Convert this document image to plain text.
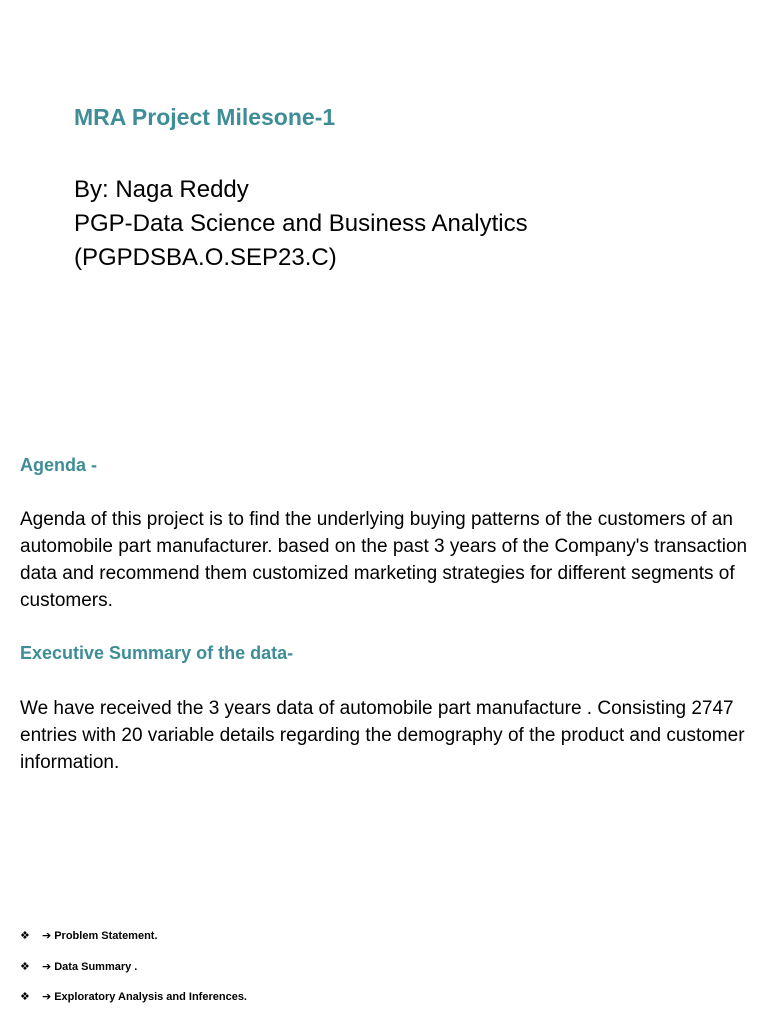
MRA Project Milesone-1
By: Naga Reddy
PGP-Data Science and Business Analytics
(PGPDSBA.O.SEP23.C)
Agenda -

Agenda of this project is to find the underlying buying patterns of the customers of an automobile part manufacturer. based on the past 3 years of the Company's transaction data and recommend them customized marketing strategies for different segments of customers.

Executive Summary of the data-

We have received the 3 years data of automobile part manufacture . Consisting 2747 entries with 20 variable details regarding the demography of the product and customer information.

❖ ➔ Problem Statement.
❖ ➔ Data Summary .
❖ ➔ Exploratory Analysis and Inferences.
